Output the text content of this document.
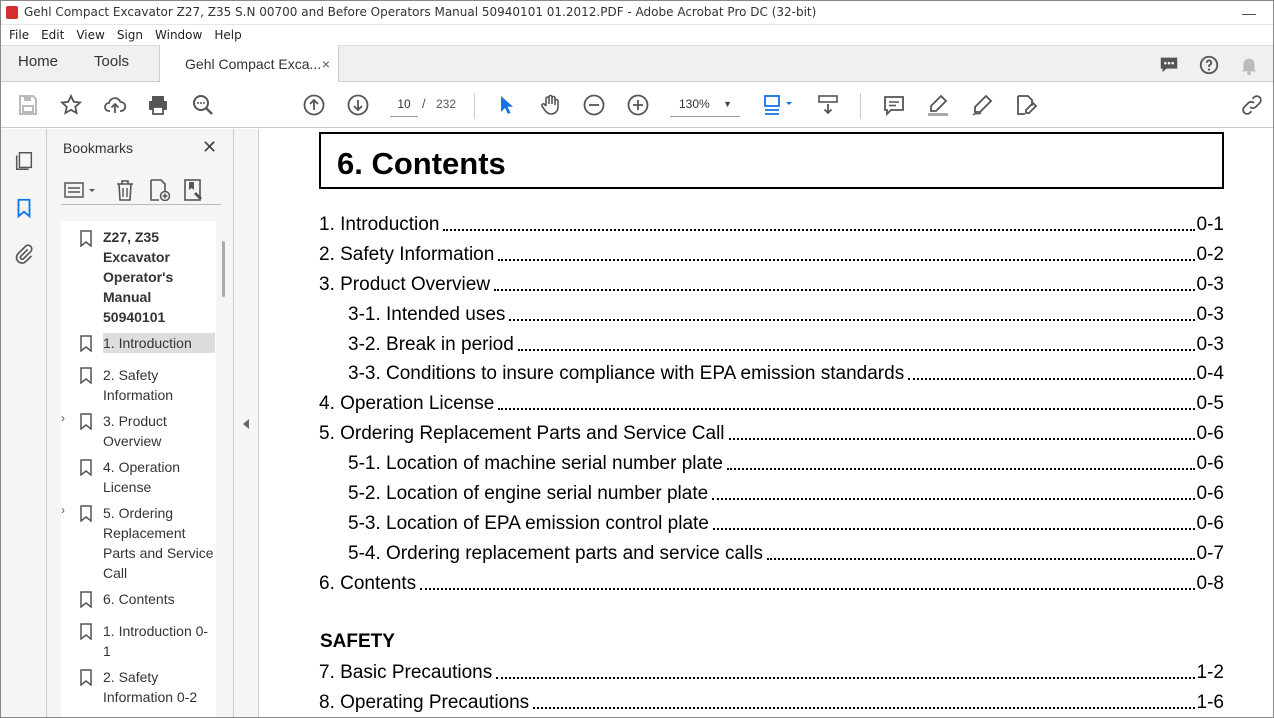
Gehl Compact Excavator Z27, Z35 S.N 00700 and Before Operators Manual 50940101 01.2012.PDF - Adobe Acrobat Pro DC (32-bit)	—
File Edit View Sign Window Help
Home	Tools	Gehl Compact Exca... ×
10 / 232	130% ▼
Bookmarks	✕
Z27, Z35 Excavator Operator's Manual 50940101
1. Introduction
2. Safety Information
›	3. Product Overview
4. Operation License
›	5. Ordering Replacement Parts and Service Call
6. Contents
1. Introduction 0-1
2. Safety Information 0-2
6. Contents
1. Introduction	0-1
2. Safety Information	0-2
3. Product Overview	0-3
3-1. Intended uses	0-3
3-2. Break in period	0-3
3-3. Conditions to insure compliance with EPA emission standards	0-4
4. Operation License	0-5
5. Ordering Replacement Parts and Service Call	0-6
5-1. Location of machine serial number plate	0-6
5-2. Location of engine serial number plate	0-6
5-3. Location of EPA emission control plate	0-6
5-4. Ordering replacement parts and service calls	0-7
6. Contents	0-8
SAFETY
7. Basic Precautions	1-2
8. Operating Precautions	1-6
